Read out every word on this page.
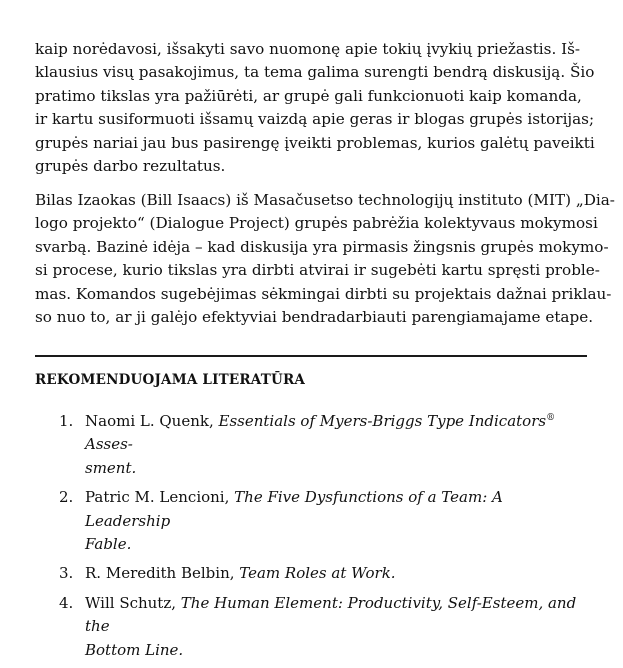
kaip norėdavosi, išsakyti savo nuomonę apie tokių įvykių priežastis. Iš-
klausius visų pasakojimus, ta tema galima surengti bendrą diskusiją. Šio
pratimo tikslas yra pažiūrėti, ar grupė gali funkcionuoti kaip komanda,
ir kartu susiformuoti išsamų vaizdą apie geras ir blogas grupės istorijas;
grupės nariai jau bus pasirengę įveikti problemas, kurios galėtų paveikti
grupės darbo rezultatus.

Bilas Izaokas (Bill Isaacs) iš Masačusetso technologijų instituto (MIT) „Dia-
logo projekto“ (Dialogue Project) grupės pabrėžia kolektyvaus mokymosi
svarbą. Bazinė idėja – kad diskusija yra pirmasis žingsnis grupės mokymo-
si procese, kurio tikslas yra dirbti atvirai ir sugebėti kartu spręsti proble-
mas. Komandos sugebėjimas sėkmingai dirbti su projektais dažnai priklau-
so nuo to, ar ji galėjo efektyviai bendradarbiauti parengiamajame etape.

REKOMENDUOJAMA LITERATŪRA
1. Naomi L. Quenk, Essentials of Myers-Briggs Type Indicators® Asses-
sment.
2. Patric M. Lencioni, The Five Dysfunctions of a Team: A Leadership
Fable.
3. R. Meredith Belbin, Team Roles at Work.
4. Will Schutz, The Human Element: Productivity, Self-Esteem, and the
Bottom Line.
